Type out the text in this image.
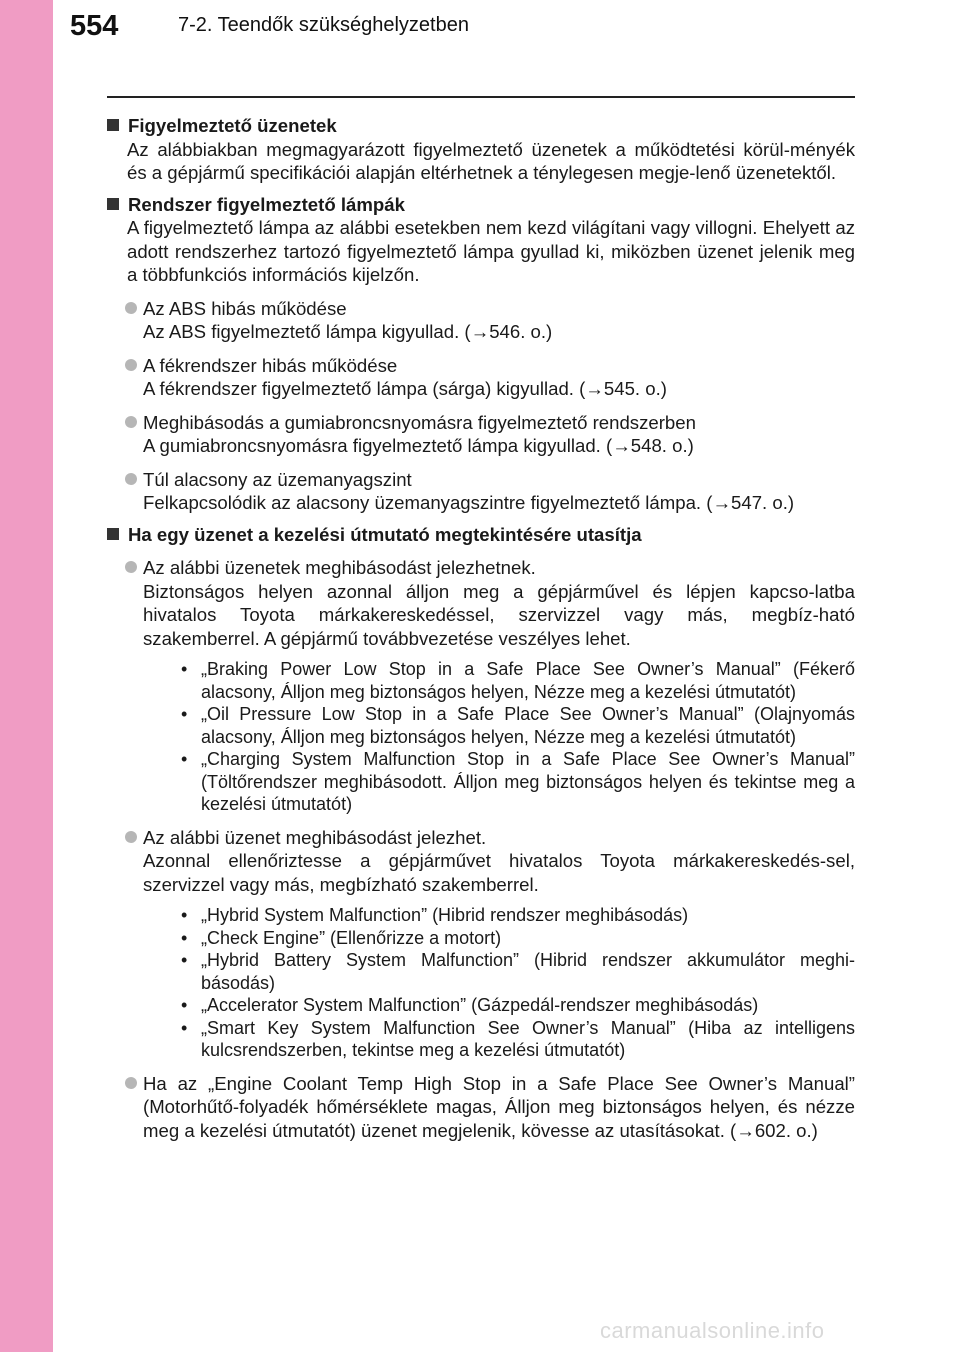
554	7-2. Teendők szükséghelyzetben
Figyelmeztető üzenetek

Az alábbiakban megmagyarázott figyelmeztető üzenetek a működtetési körül-ményék és a gépjármű specifikációi alapján eltérhetnek a ténylegesen megje-lenő üzenetektől.

Rendszer figyelmeztető lámpák

A figyelmeztető lámpa az alábbi esetekben nem kezd világítani vagy villogni. Ehelyett az adott rendszerhez tartozó figyelmeztető lámpa gyullad ki, miközben üzenet jelenik meg a többfunkciós információs kijelzőn.

Az ABS hibás működése

Az ABS figyelmeztető lámpa kigyullad. (→546. o.)

A fékrendszer hibás működése

A fékrendszer figyelmeztető lámpa (sárga) kigyullad. (→545. o.)

Meghibásodás a gumiabroncsnyomásra figyelmeztető rendszerben

A gumiabroncsnyomásra figyelmeztető lámpa kigyullad. (→548. o.)

Túl alacsony az üzemanyagszint

Felkapcsolódik az alacsony üzemanyagszintre figyelmeztető lámpa. (→547. o.)

Ha egy üzenet a kezelési útmutató megtekintésére utasítja

Az alábbi üzenetek meghibásodást jelezhetnek.

Biztonságos helyen azonnal álljon meg a gépjárművel és lépjen kapcso-latba hivatalos Toyota márkakereskedéssel, szervizzel vagy más, megbíz-ható szakemberrel. A gépjármű továbbvezetése veszélyes lehet.

• „Braking Power Low Stop in a Safe Place See Owner’s Manual” (Fékerő alacsony, Álljon meg biztonságos helyen, Nézze meg a kezelési útmutatót)
• „Oil Pressure Low Stop in a Safe Place See Owner’s Manual” (Olajnyomás alacsony, Álljon meg biztonságos helyen, Nézze meg a kezelési útmutatót)
• „Charging System Malfunction Stop in a Safe Place See Owner’s Manual” (Töltőrendszer meghibásodott. Álljon meg biztonságos helyen és tekintse meg a kezelési útmutatót)

Az alábbi üzenet meghibásodást jelezhet.

Azonnal ellenőriztesse a gépjárművet hivatalos Toyota márkakereskedés-sel, szervizzel vagy más, megbízható szakemberrel.

• „Hybrid System Malfunction” (Hibrid rendszer meghibásodás)
• „Check Engine” (Ellenőrizze a motort)
• „Hybrid Battery System Malfunction” (Hibrid rendszer akkumulátor meghi-básodás)
• „Accelerator System Malfunction” (Gázpedál-rendszer meghibásodás)
• „Smart Key System Malfunction See Owner’s Manual” (Hiba az intelligens kulcsrendszerben, tekintse meg a kezelési útmutatót)

Ha az „Engine Coolant Temp High Stop in a Safe Place See Owner’s Manual” (Motorhűtő-folyadék hőmérséklete magas, Álljon meg biztonságos helyen, és nézze meg a kezelési útmutatót) üzenet megjelenik, kövesse az utasításokat. (→602. o.)

carmanualsonline.info
